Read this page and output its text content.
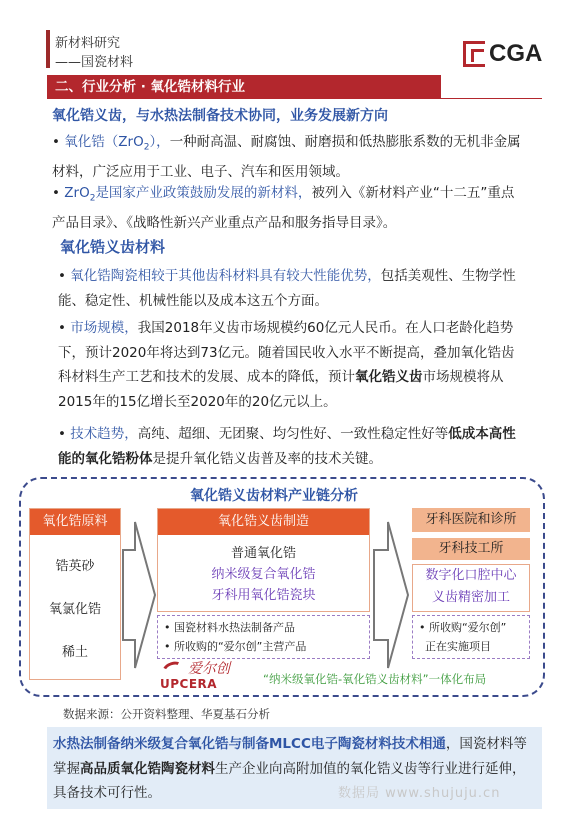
新材料研究
——国瓷材料	CGA
二、行业分析 · 氧化锆材料行业
氧化锆义齿，与水热法制备技术协同，业务发展新方向
• 氧化锆（ZrO$_2$），一种耐高温、耐腐蚀、耐磨损和低热膨胀系数的无机非金属材料，广泛应用于工业、电子、汽车和医用领域。
• ZrO$_2$是国家产业政策鼓励发展的新材料，被列入《新材料产业“十二五”重点产品目录》、《战略性新兴产业重点产品和服务指导目录》。
氧化锆义齿材料
• 氧化锆陶瓷相较于其他齿科材料具有较大性能优势，包括美观性、生物学性能、稳定性、机械性能以及成本这五个方面。
• 市场规模，我国2018年义齿市场规模约60亿元人民币。在人口老龄化趋势下，预计2020年将达到73亿元。随着国民收入水平不断提高，叠加氧化锆齿科材料生产工艺和技术的发展、成本的降低，预计氧化锆义齿市场规模将从2015年的15亿增长至2020年的20亿元以上。
• 技术趋势，高纯、超细、无团聚、均匀性好、一致性稳定性好等低成本高性能的氧化锆粉体是提升氧化锆义齿普及率的技术关键。
氧化锆义齿材料产业链分析
氧化锆原料
锆英砂
氧氯化锆
稀土
氧化锆义齿制造
普通氧化锆
纳米级复合氧化锆
牙科用氧化锆瓷块
• 国瓷材料水热法制备产品
• 所收购的“爱尔创”主营产品
牙科医院和诊所
牙科技工所
数字化口腔中心
义齿精密加工
• 所收购“爱尔创”
正在实施项目
爱尔创
UPCERA	“纳米级氧化锆-氧化锆义齿材料”一体化布局
数据来源：公开资料整理、华夏基石分析
水热法制备纳米级复合氧化锆与制备MLCC电子陶瓷材料技术相通，国瓷材料等掌握高品质氧化锆陶瓷材料生产企业向高附加值的氧化锆义齿等行业进行延伸，具备技术可行性。	数据局 www.shujuju.cn
